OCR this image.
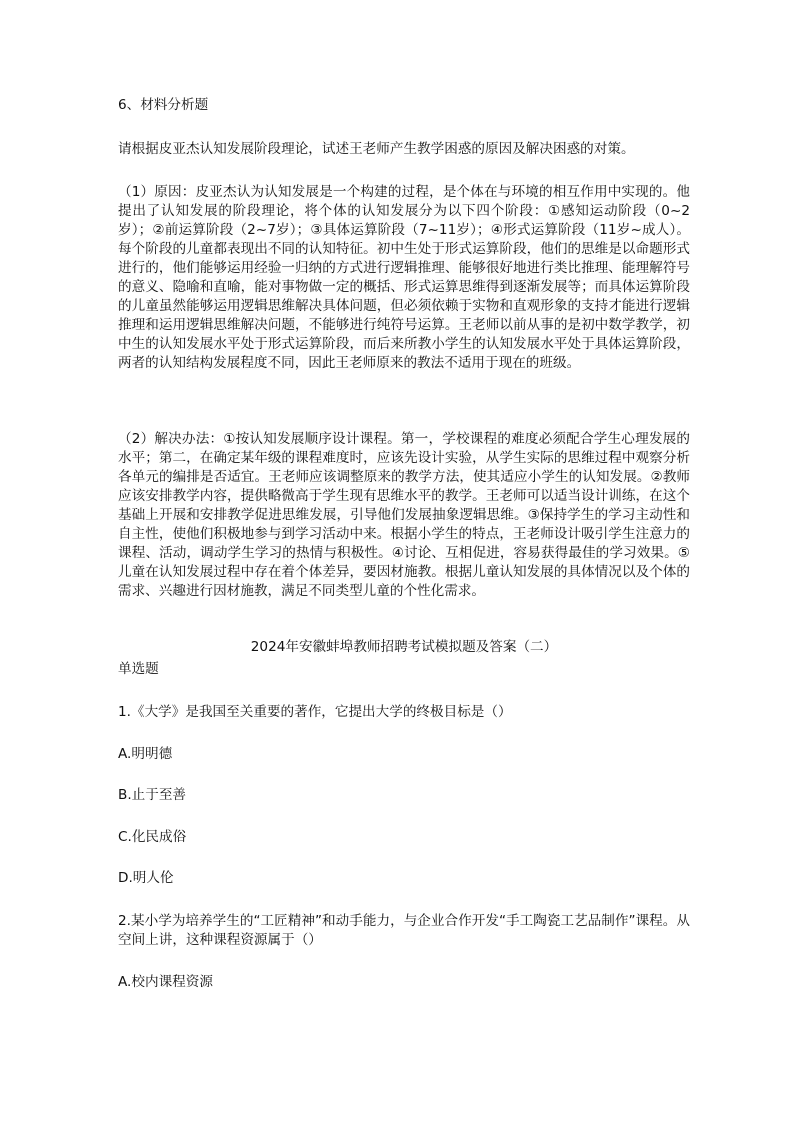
6、材料分析题
请根据皮亚杰认知发展阶段理论，试述王老师产生教学困惑的原因及解决困惑的对策。
（1）原因：皮亚杰认为认知发展是一个构建的过程，是个体在与环境的相互作用中实现的。他提出了认知发展的阶段理论，将个体的认知发展分为以下四个阶段：①感知运动阶段（0~2岁）；②前运算阶段（2~7岁）；③具体运算阶段（7~11岁）；④形式运算阶段（11岁~成人）。每个阶段的儿童都表现出不同的认知特征。初中生处于形式运算阶段，他们的思维是以命题形式进行的，他们能够运用经验一归纳的方式进行逻辑推理、能够很好地进行类比推理、能理解符号的意义、隐喻和直喻，能对事物做一定的概括、形式运算思维得到逐渐发展等；而具体运算阶段的儿童虽然能够运用逻辑思维解决具体问题，但必须依赖于实物和直观形象的支持才能进行逻辑推理和运用逻辑思维解决问题，不能够进行纯符号运算。王老师以前从事的是初中数学教学，初中生的认知发展水平处于形式运算阶段，而后来所教小学生的认知发展水平处于具体运算阶段，两者的认知结构发展程度不同，因此王老师原来的教法不适用于现在的班级。
（2）解决办法：①按认知发展顺序设计课程。第一，学校课程的难度必须配合学生心理发展的水平；第二，在确定某年级的课程难度时，应该先设计实验，从学生实际的思维过程中观察分析各单元的编排是否适宜。王老师应该调整原来的教学方法，使其适应小学生的认知发展。②教师应该安排教学内容，提供略微高于学生现有思维水平的教学。王老师可以适当设计训练，在这个基础上开展和安排教学促进思维发展，引导他们发展抽象逻辑思维。③保持学生的学习主动性和自主性，使他们积极地参与到学习活动中来。根据小学生的特点，王老师设计吸引学生注意力的课程、活动，调动学生学习的热情与积极性。④讨论、互相促进，容易获得最佳的学习效果。⑤儿童在认知发展过程中存在着个体差异，要因材施教。根据儿童认知发展的具体情况以及个体的需求、兴趣进行因材施教，满足不同类型儿童的个性化需求。
2024年安徽蚌埠教师招聘考试模拟题及答案（二）
单选题
1.《大学》是我国至关重要的著作，它提出大学的终极目标是（）
A.明明德
B.止于至善
C.化民成俗
D.明人伦
2.某小学为培养学生的“工匠精神”和动手能力，与企业合作开发“手工陶瓷工艺品制作”课程。从空间上讲，这种课程资源属于（）
A.校内课程资源
